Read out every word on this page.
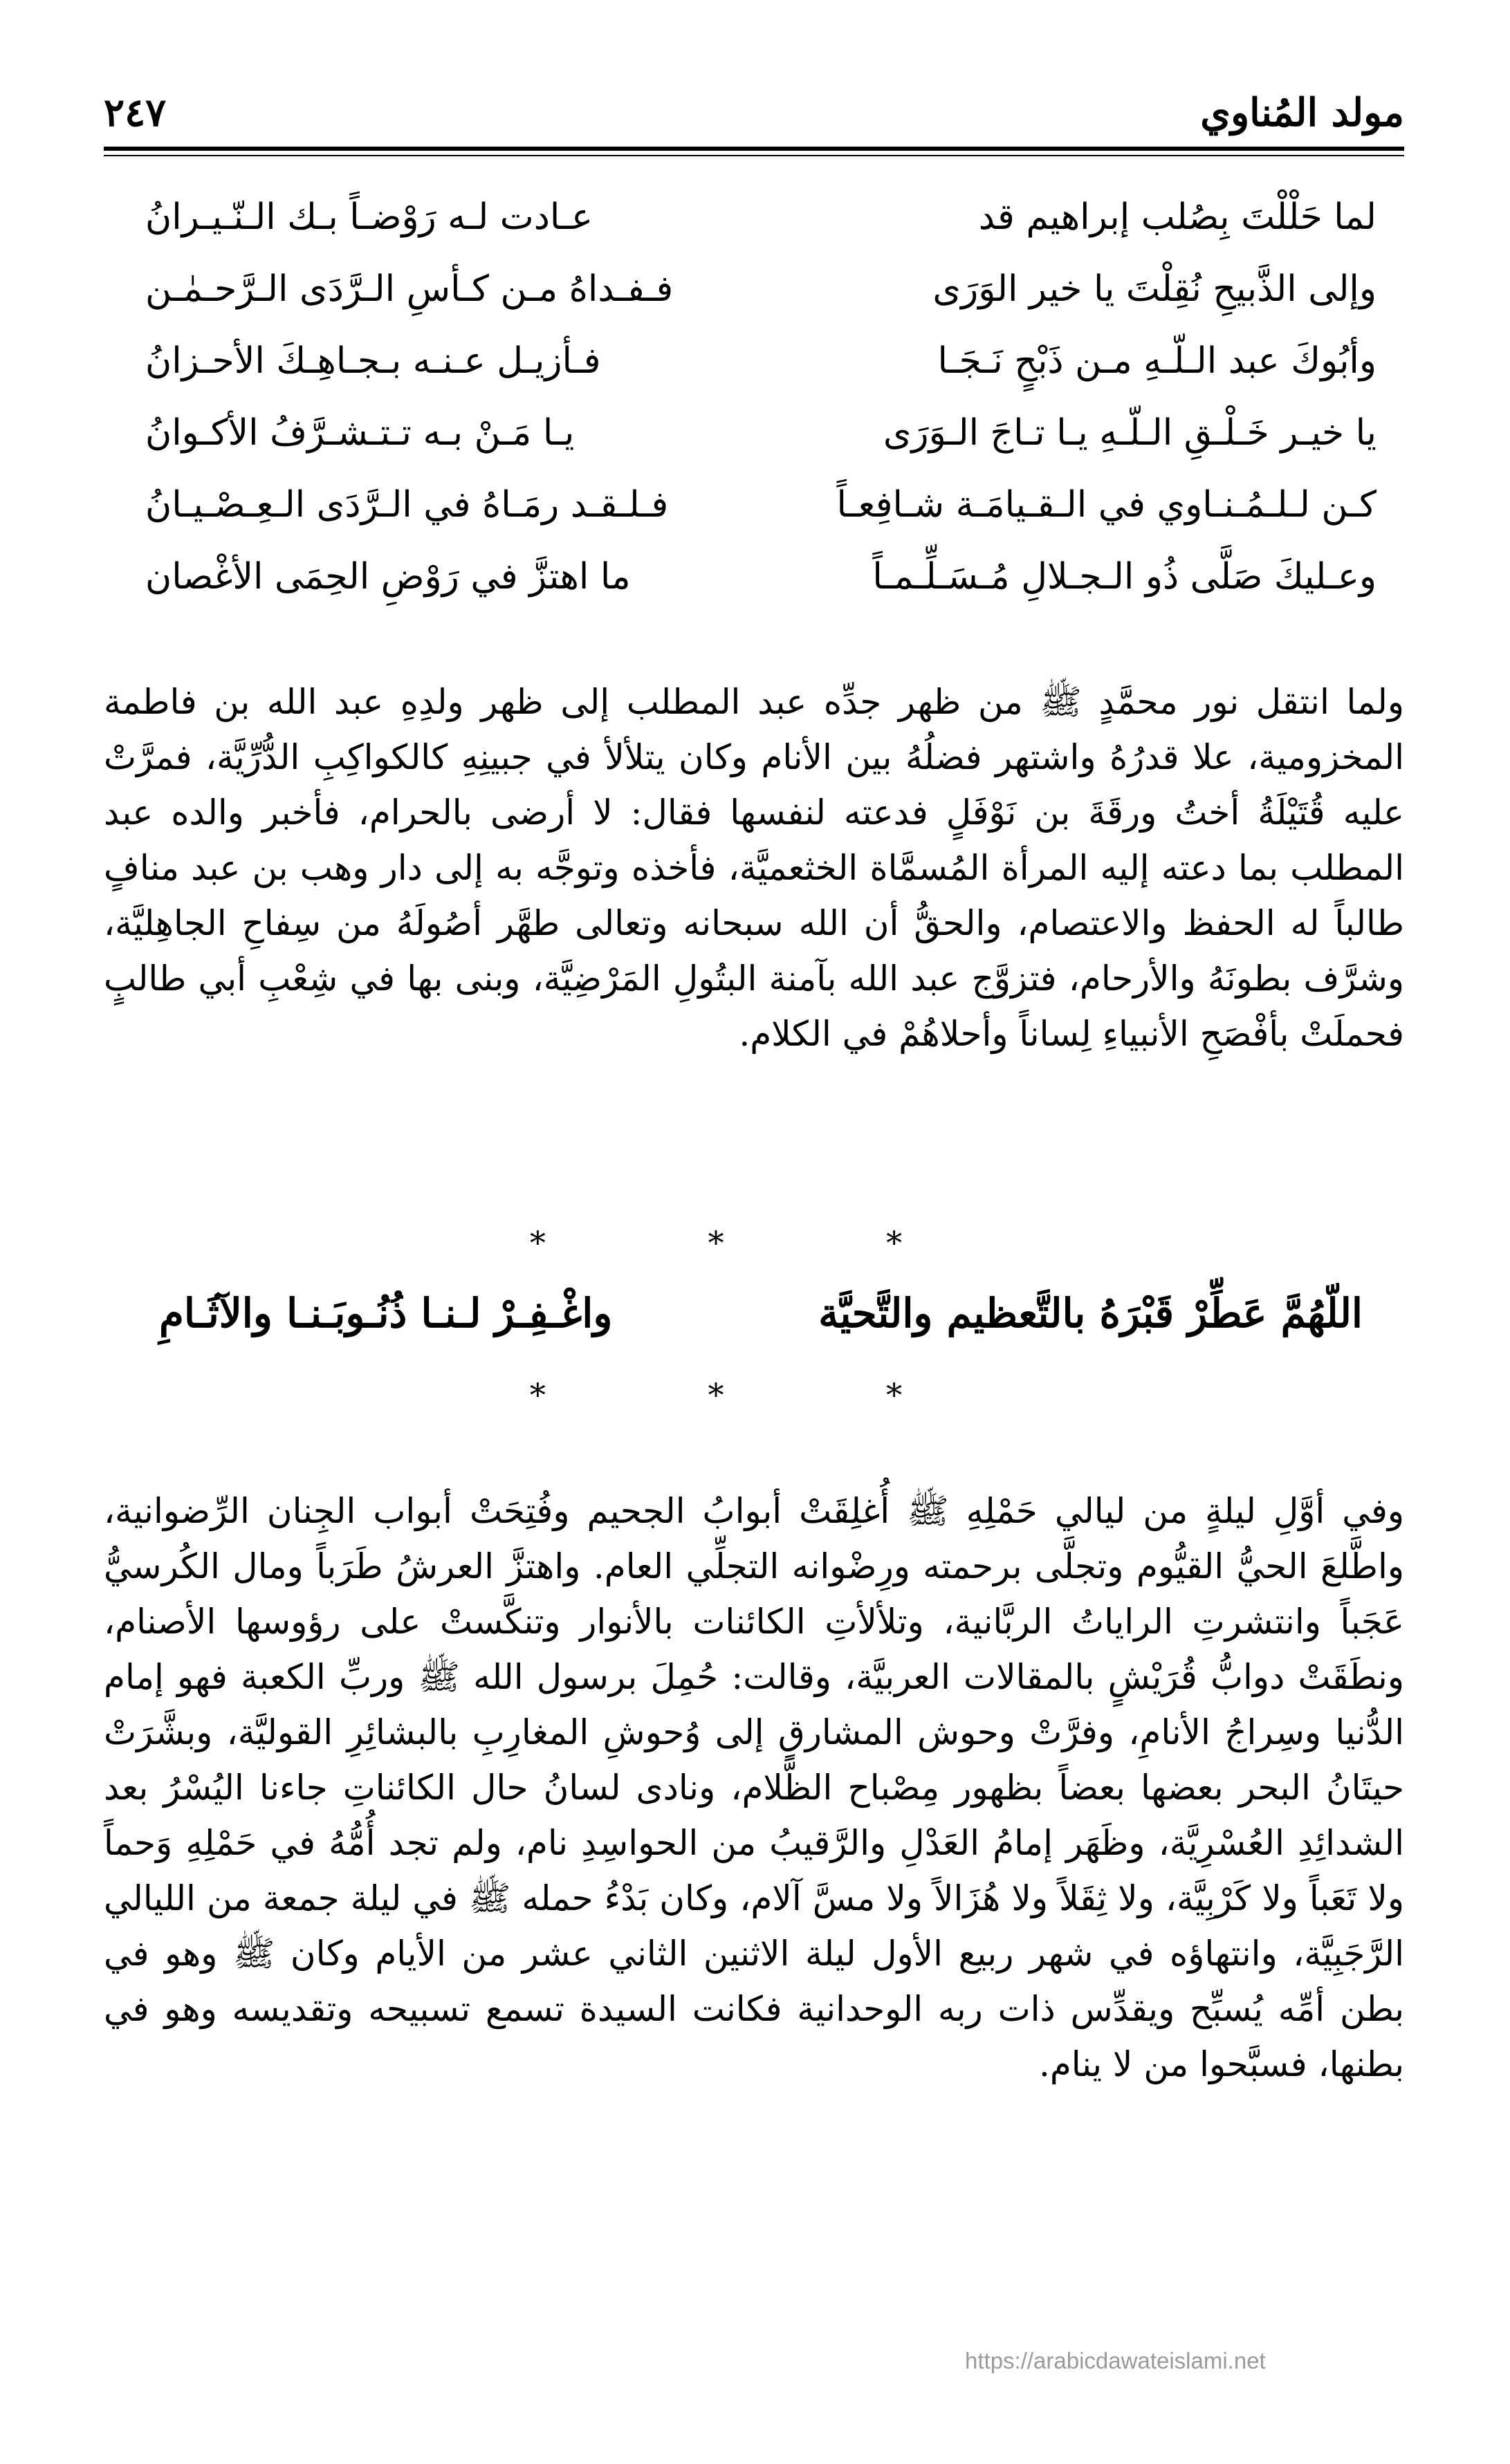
مولد المُناوي
٢٤٧
لما حَلْلْتَ بِصُلب إبراهيم قد
عـادت لـه رَوْضـاً بـك الـنّـيـرانُ
وإلى الذَّبيحِ نُقِلْتَ يا خير الوَرَى
فـفـداهُ مـن كـأسِ الـرَّدَى الـرَّحـمٰـن
وأبُوكَ عبد الـلّـهِ مـن ذَبْحٍ نَـجَـا
فـأزيـل عـنـه بـجـاهِـكَ الأحـزانُ
يا خيـر خَـلْـقِ الـلّـهِ يـا تـاجَ الـوَرَى
يـا مَـنْ بـه تـتـشـرَّفُ الأكـوانُ
كـن لـلـمُـنـاوي في الـقـيامَـة شـافِعـاً
فـلـقـد رمَـاهُ في الـرَّدَى الـعِـصْـيـانُ
وعـليكَ صَلَّى ذُو الـجـلالِ مُـسَـلِّـمـاً
ما اهتزَّ في رَوْضِ الحِمَى الأغْصان

ولما انتقل نور محمَّدٍ ﷺ من ظهر جدِّه عبد المطلب إلى ظهر ولدِهِ عبد الله بن فاطمة المخزومية، علا قدرُهُ واشتهر فضلُهُ بين الأنام وكان يتلألأ في جبينِهِ كالكواكِبِ الدُّرِّيَّة، فمرَّتْ عليه قُتَيْلَةُ أختُ ورقَةَ بن نَوْفَلٍ فدعته لنفسها فقال: لا أرضى بالحرام، فأخبر والده عبد المطلب بما دعته إليه المرأة المُسمَّاة الخثعميَّة، فأخذه وتوجَّه به إلى دار وهب بن عبد منافٍ طالباً له الحفظ والاعتصام، والحقُّ أن الله سبحانه وتعالى طهَّر أصُولَهُ من سِفاحِ الجاهِليَّة، وشرَّف بطونَهُ والأرحام، فتزوَّج عبد الله بآمنة البتُولِ المَرْضِيَّة، وبنى بها في شِعْبِ أبي طالبٍ فحملَتْ بأفْصَحِ الأنبياءِ لِساناً وأحلاهُمْ في الكلام.

* * *
اللّهُمَّ عَطِّرْ قَبْرَهُ بالتَّعظيم والتَّحيَّة
واغْـفِـرْ لـنـا ذُنُـوبَـنـا والآثَـامِ
* * *

وفي أوَّلِ ليلةٍ من ليالي حَمْلِهِ ﷺ أُغلِقَتْ أبوابُ الجحيم وفُتِحَتْ أبواب الجِنان الرِّضوانية، واطَّلعَ الحيُّ القيُّوم وتجلَّى برحمته ورِضْوانه التجلِّي العام. واهتزَّ العرشُ طَرَباً ومال الكُرسيُّ عَجَباً وانتشرتِ الراياتُ الربَّانية، وتلألأتِ الكائنات بالأنوار وتنكَّستْ على رؤوسها الأصنام، ونطَقَتْ دوابُّ قُرَيْشٍ بالمقالات العربيَّة، وقالت: حُمِلَ برسول الله ﷺ وربِّ الكعبة فهو إمام الدُّنيا وسِراجُ الأنامِ، وفرَّتْ وحوش المشارقِ إلى وُحوشِ المغارِبِ بالبشائِرِ القوليَّة، وبشَّرَتْ حيتَانُ البحر بعضها بعضاً بظهور مِصْباح الظَّلام، ونادى لسانُ حال الكائناتِ جاءنا اليُسْرُ بعد الشدائِدِ العُسْرِيَّة، وظَهَر إمامُ العَدْلِ والرَّقيبُ من الحواسِدِ نام، ولم تجد أُمُّهُ في حَمْلِهِ وَحماً ولا تَعَباً ولا كَرْبِيَّة، ولا ثِقَلاً ولا هُزَالاً ولا مسَّ آلام، وكان بَدْءُ حمله ﷺ في ليلة جمعة من الليالي الرَّجَبِيَّة، وانتهاؤه في شهر ربيع الأول ليلة الاثنين الثاني عشر من الأيام وكان ﷺ وهو في بطن أمِّه يُسبِّح ويقدِّس ذات ربه الوحدانية فكانت السيدة تسمع تسبيحه وتقديسه وهو في بطنها، فسبَّحوا من لا ينام.

https://arabicdawateislami.net
